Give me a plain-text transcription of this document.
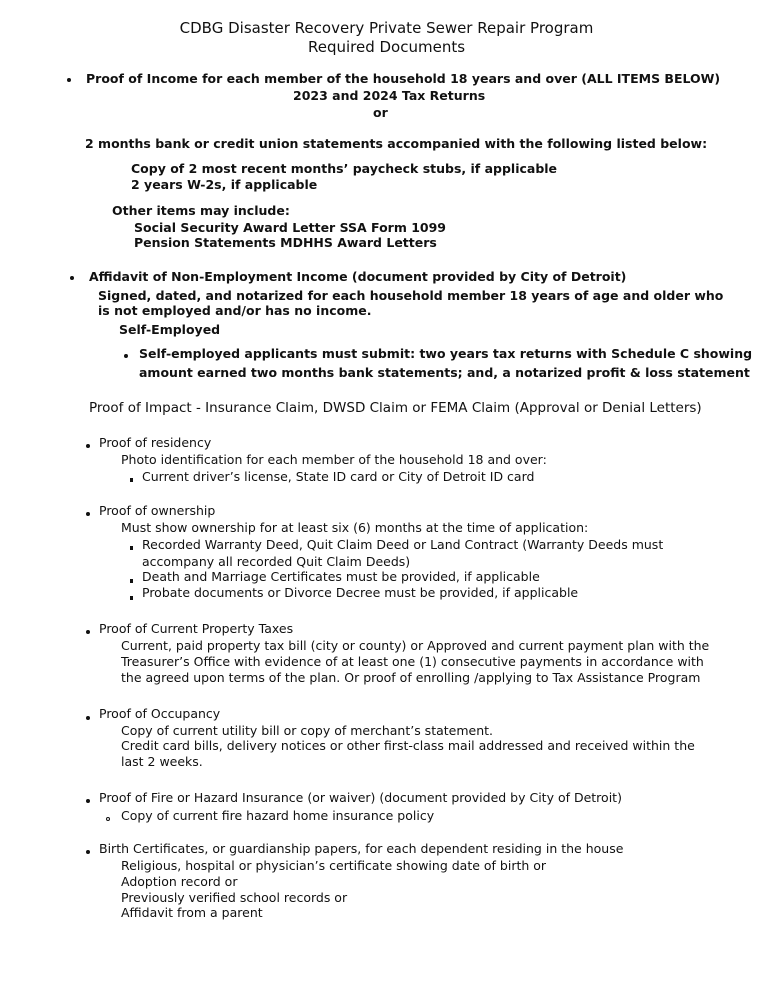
CDBG Disaster Recovery Private Sewer Repair Program
Required Documents
Proof of Income for each member of the household 18 years and over (ALL ITEMS BELOW)
2023 and 2024 Tax Returns
or
2 months bank or credit union statements accompanied with the following listed below:
Copy of 2 most recent months’ paycheck stubs, if applicable
2 years W-2s, if applicable
Other items may include:
Social Security Award Letter SSA Form 1099
Pension Statements MDHHS Award Letters
Affidavit of Non-Employment Income (document provided by City of Detroit)
Signed, dated, and notarized for each household member 18 years of age and older who
is not employed and/or has no income.
Self-Employed
Self-employed applicants must submit: two years tax returns with Schedule C showing
amount earned two months bank statements; and, a notarized profit & loss statement
Proof of Impact - Insurance Claim, DWSD Claim or FEMA Claim (Approval or Denial Letters)
Proof of residency
Photo identification for each member of the household 18 and over:
Current driver’s license, State ID card or City of Detroit ID card
Proof of ownership
Must show ownership for at least six (6) months at the time of application:
Recorded Warranty Deed, Quit Claim Deed or Land Contract (Warranty Deeds must
accompany all recorded Quit Claim Deeds)
Death and Marriage Certificates must be provided, if applicable
Probate documents or Divorce Decree must be provided, if applicable
Proof of Current Property Taxes
Current, paid property tax bill (city or county) or Approved and current payment plan with the
Treasurer’s Office with evidence of at least one (1) consecutive payments in accordance with
the agreed upon terms of the plan. Or proof of enrolling /applying to Tax Assistance Program
Proof of Occupancy
Copy of current utility bill or copy of merchant’s statement.
Credit card bills, delivery notices or other first-class mail addressed and received within the
last 2 weeks.
Proof of Fire or Hazard Insurance (or waiver) (document provided by City of Detroit)
Copy of current fire hazard home insurance policy
Birth Certificates, or guardianship papers, for each dependent residing in the house
Religious, hospital or physician’s certificate showing date of birth or
Adoption record or
Previously verified school records or
Affidavit from a parent
